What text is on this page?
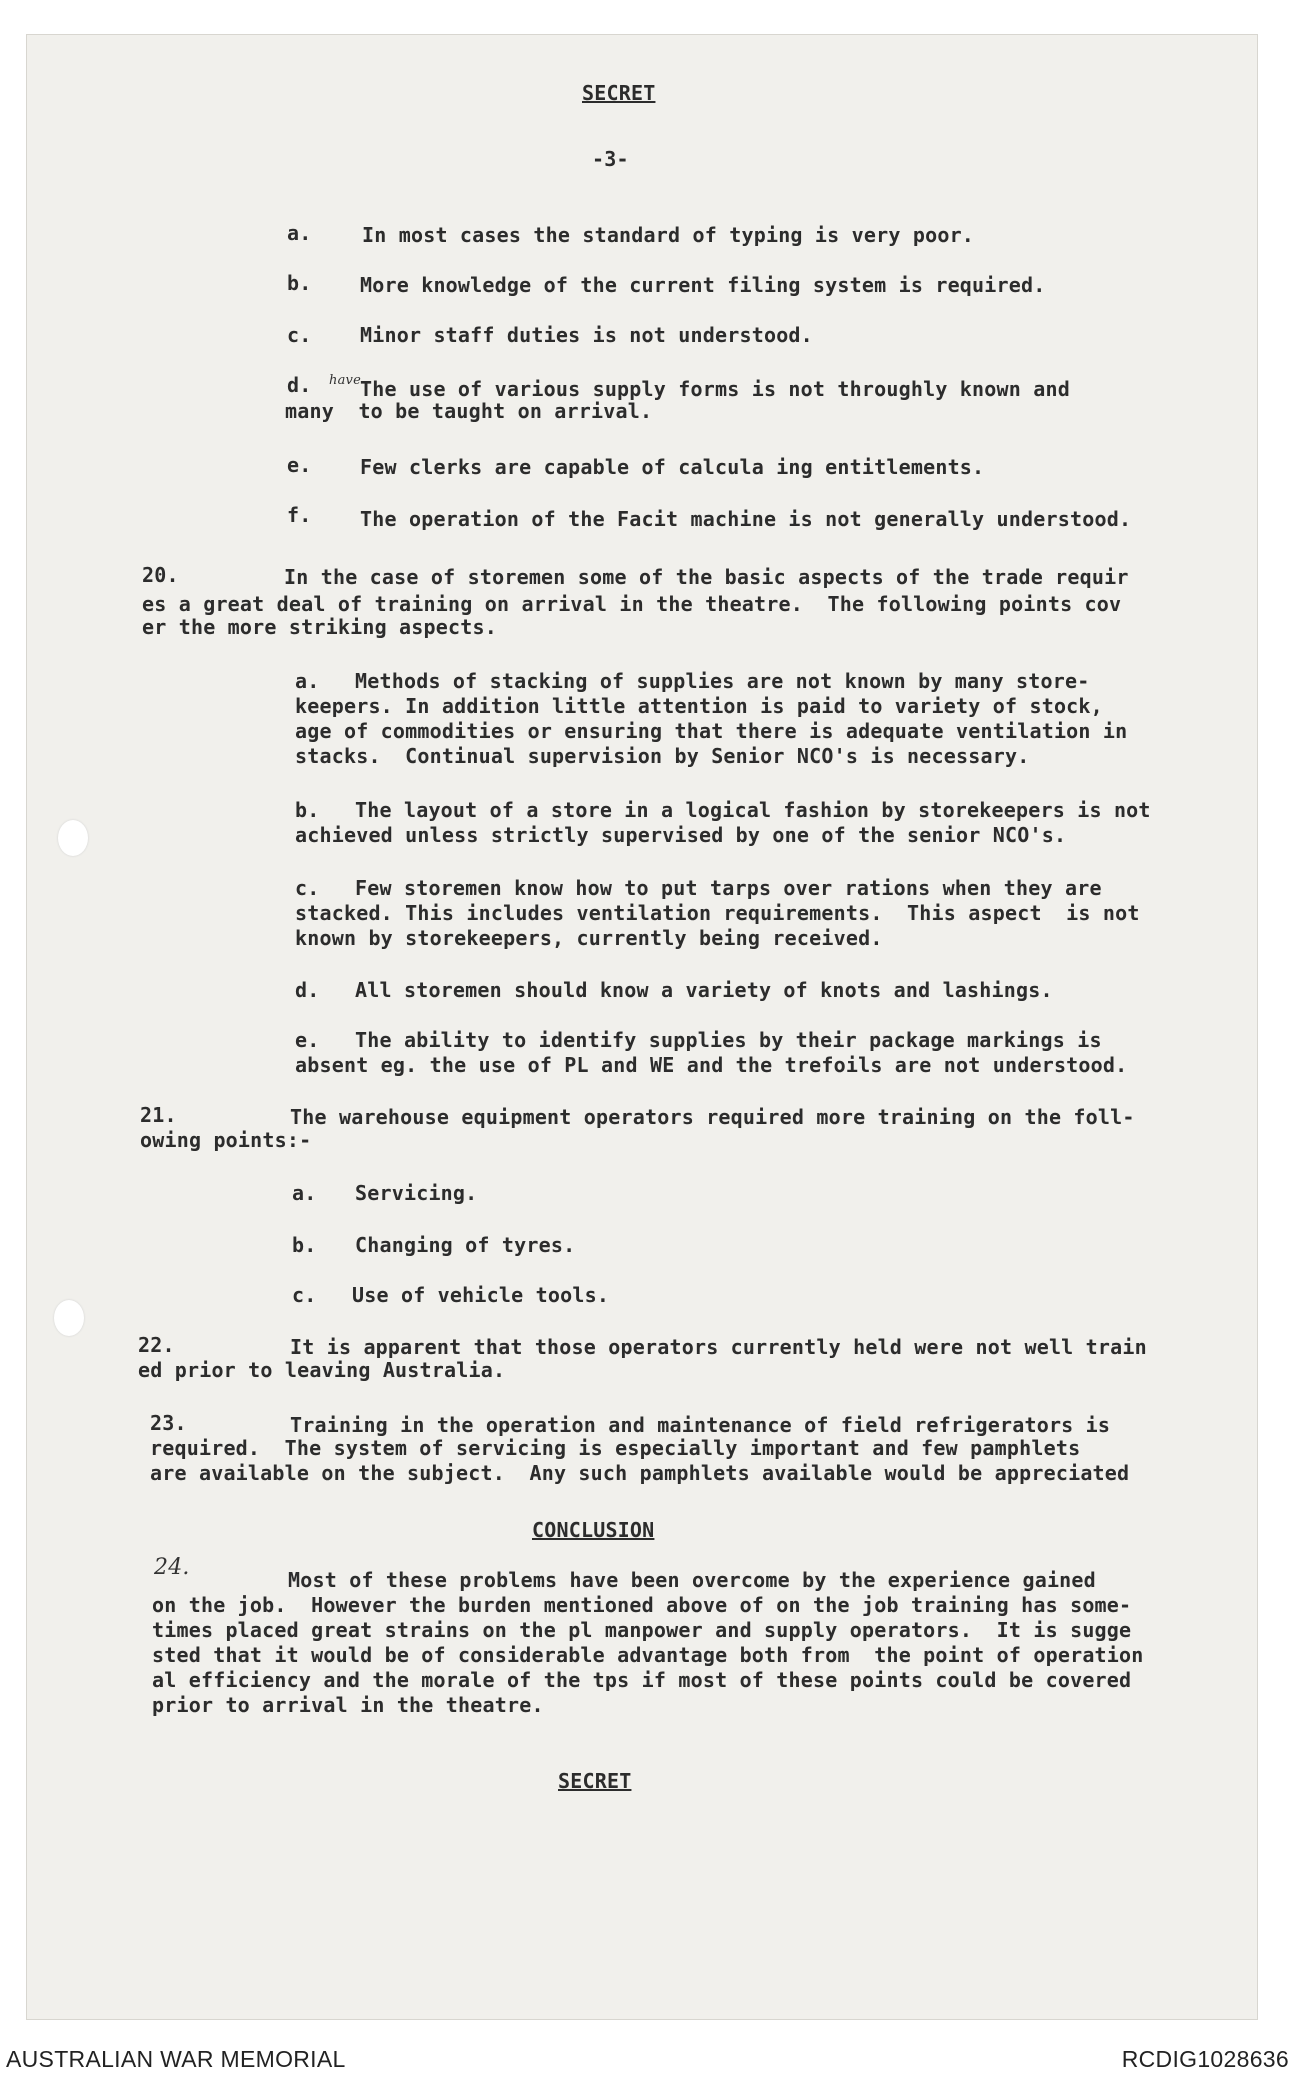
SECRET
-3-
a.	In most cases the standard of typing is very poor.
b. More knowledge of the current filing system is required.
c. Minor staff duties is not understood.
d. The use of various supply forms is not throughly known and
have
many  to be taught on arrival.
e. Few clerks are capable of calcula ing entitlements.
f. The operation of the Facit machine is not generally understood.
20.	In the case of storemen some of the basic aspects of the trade requir
es a great deal of training on arrival in the theatre.  The following points cov
er the more striking aspects.
a. Methods of stacking of supplies are not known by many store-
keepers. In addition little attention is paid to variety of stock,
age of commodities or ensuring that there is adequate ventilation in
stacks.  Continual supervision by Senior NCO's is necessary.
b. The layout of a store in a logical fashion by storekeepers is not
achieved unless strictly supervised by one of the senior NCO's.
c. Few storemen know how to put tarps over rations when they are
stacked. This includes ventilation requirements.  This aspect  is not
known by storekeepers, currently being received.
d. All storemen should know a variety of knots and lashings.
e. The ability to identify supplies by their package markings is
absent eg. the use of PL and WE and the trefoils are not understood.
21.	The warehouse equipment operators required more training on the foll-
owing points:-
a. Servicing.
b. Changing of tyres.
c. Use of vehicle tools.
22.	It is apparent that those operators currently held were not well train
ed prior to leaving Australia.
23.	Training in the operation and maintenance of field refrigerators is
required.  The system of servicing is especially important and few pamphlets
are available on the subject.  Any such pamphlets available would be appreciated
CONCLUSION
24.	Most of these problems have been overcome by the experience gained
on the job.  However the burden mentioned above of on the job training has some-
times placed great strains on the pl manpower and supply operators.  It is sugge
sted that it would be of considerable advantage both from  the point of operation
al efficiency and the morale of the tps if most of these points could be covered
prior to arrival in the theatre.
SECRET
AUSTRALIAN WAR MEMORIAL	RCDIG1028636
